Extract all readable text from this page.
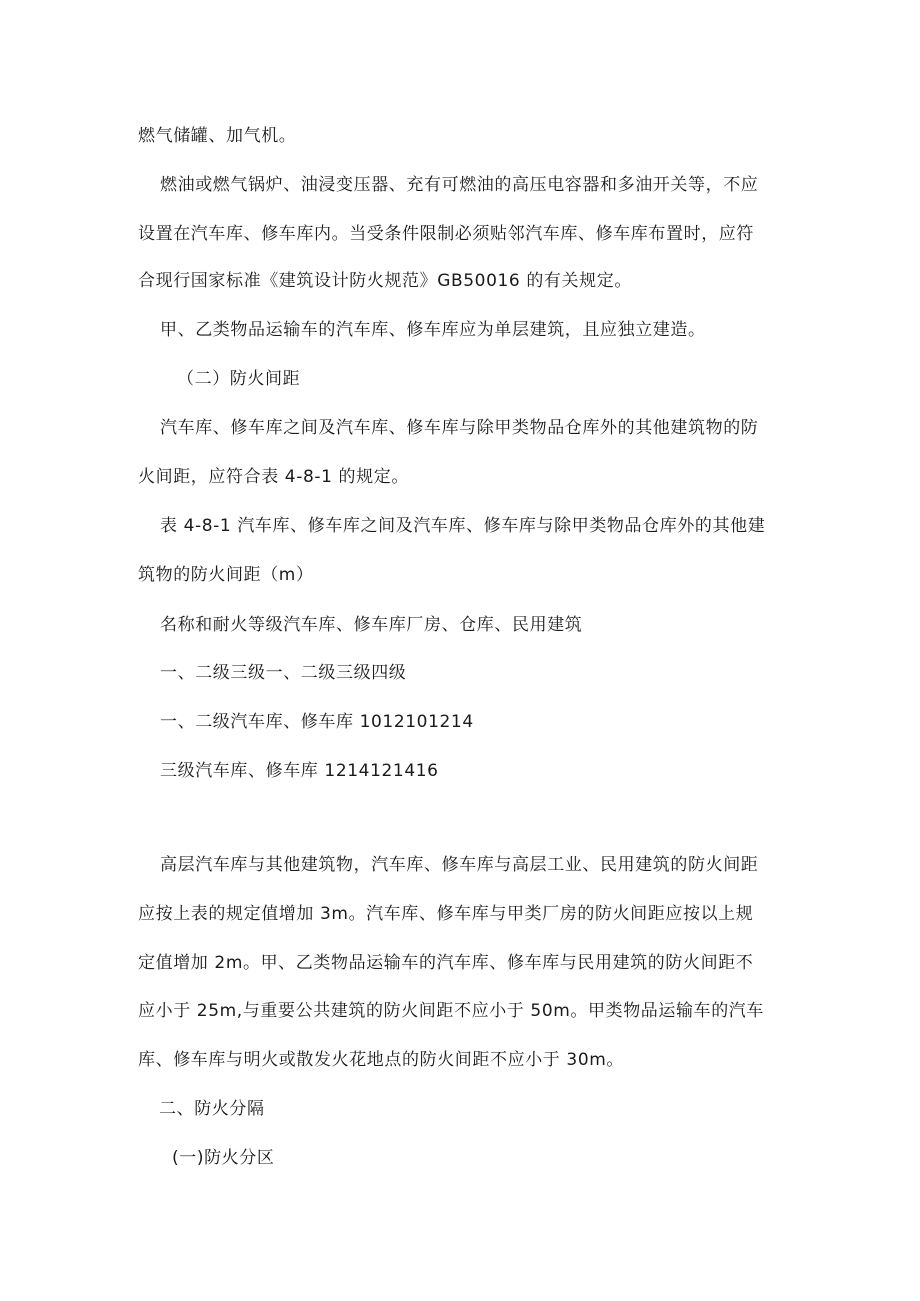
燃气储罐、加气机。
燃油或燃气锅炉、油浸变压器、充有可燃油的高压电容器和多油开关等，不应
设置在汽车库、修车库内。当受条件限制必须贴邻汽车库、修车库布置时，应符
合现行国家标准《建筑设计防火规范》GB50016 的有关规定。
甲、乙类物品运输车的汽车库、修车库应为单层建筑，且应独立建造。
（二）防火间距
汽车库、修车库之间及汽车库、修车库与除甲类物品仓库外的其他建筑物的防
火间距，应符合表 4-8-1 的规定。
表 4-8-1 汽车库、修车库之间及汽车库、修车库与除甲类物品仓库外的其他建
筑物的防火间距（m）
名称和耐火等级汽车库、修车库厂房、仓库、民用建筑
一、二级三级一、二级三级四级
一、二级汽车库、修车库 1012101214
三级汽车库、修车库 1214121416
高层汽车库与其他建筑物，汽车库、修车库与高层工业、民用建筑的防火间距
应按上表的规定值增加 3m。汽车库、修车库与甲类厂房的防火间距应按以上规
定值增加 2m。甲、乙类物品运输车的汽车库、修车库与民用建筑的防火间距不
应小于 25m,与重要公共建筑的防火间距不应小于 50m。甲类物品运输车的汽车
库、修车库与明火或散发火花地点的防火间距不应小于 30m。
二、防火分隔
(一)防火分区
